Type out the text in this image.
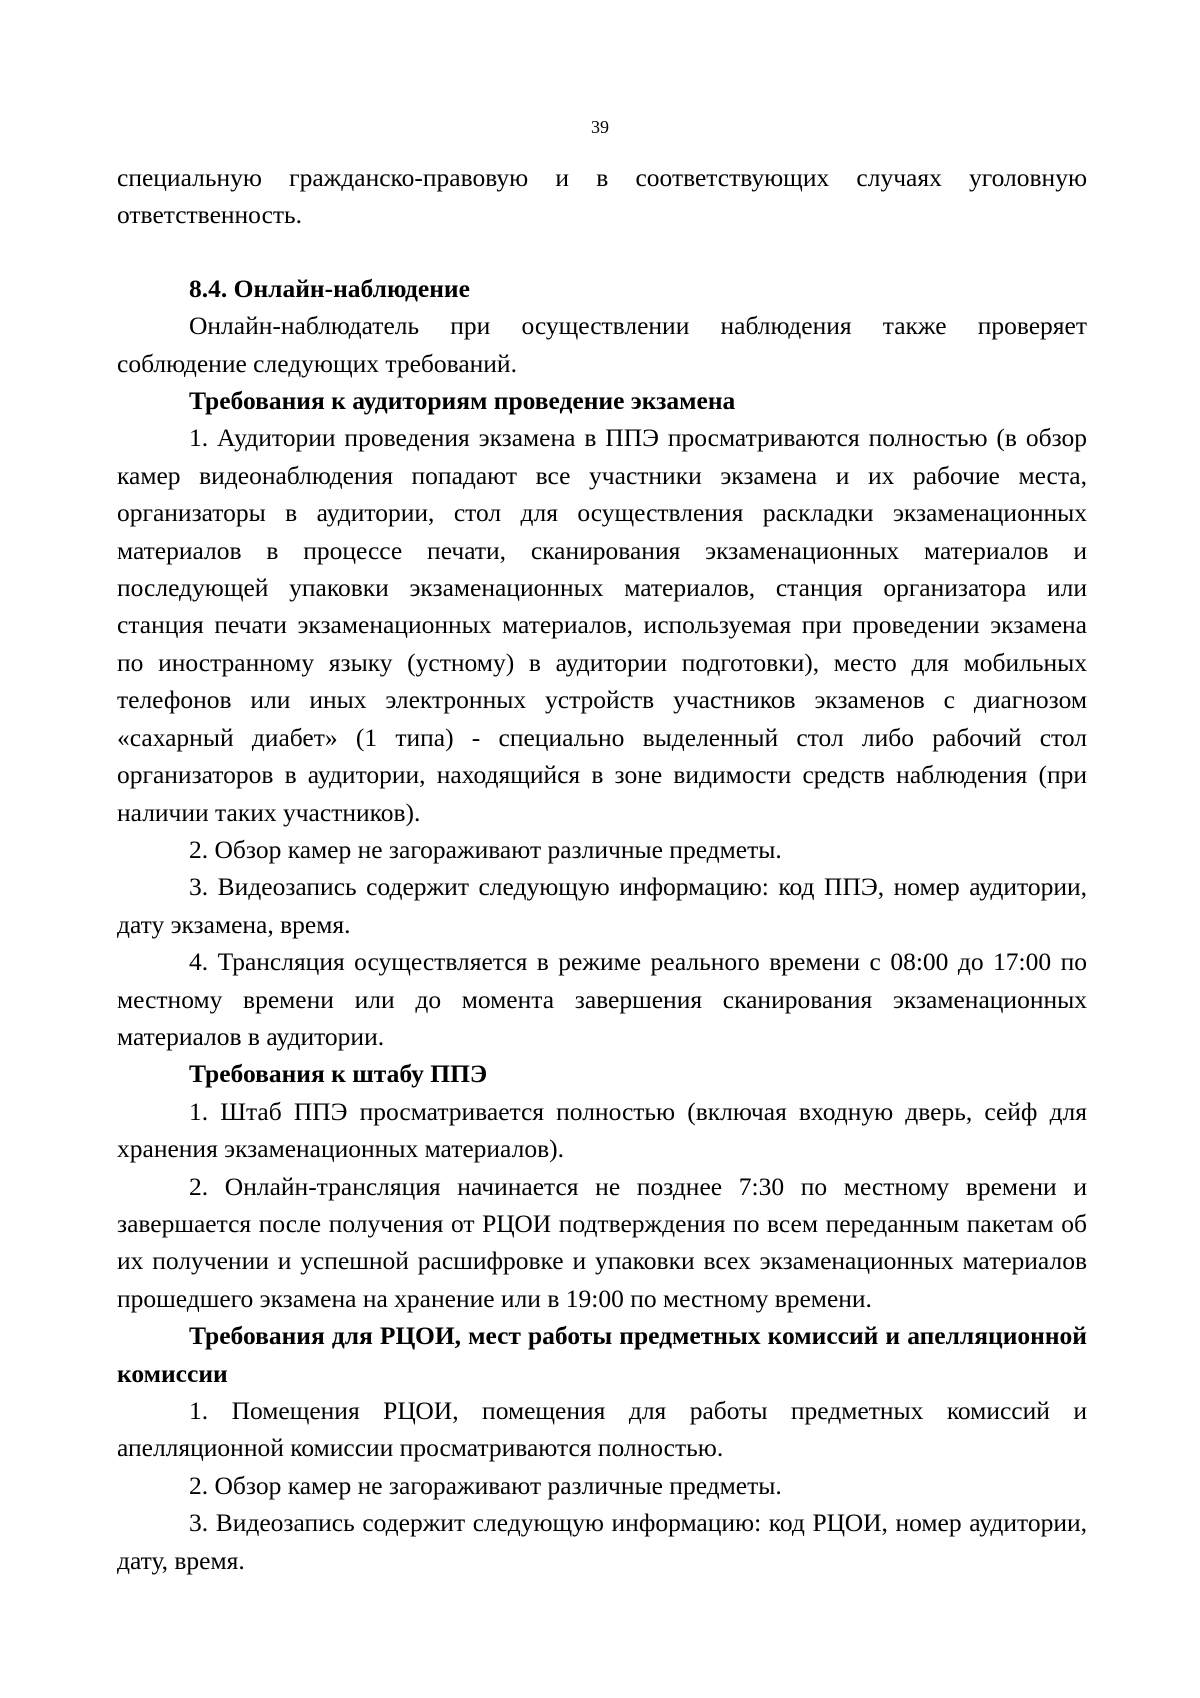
39

специальную гражданско-правовую и в соответствующих случаях уголовную ответственность.

8.4. Онлайн-наблюдение

Онлайн-наблюдатель при осуществлении наблюдения также проверяет соблюдение следующих требований.

Требования к аудиториям проведение экзамена

1. Аудитории проведения экзамена в ППЭ просматриваются полностью (в обзор камер видеонаблюдения попадают все участники экзамена и их рабочие места, организаторы в аудитории, стол для осуществления раскладки экзаменационных материалов в процессе печати, сканирования экзаменационных материалов и последующей упаковки экзаменационных материалов, станция организатора или станция печати экзаменационных материалов, используемая при проведении экзамена по иностранному языку (устному) в аудитории подготовки), место для мобильных телефонов или иных электронных устройств участников экзаменов с диагнозом «сахарный диабет» (1 типа) - специально выделенный стол либо рабочий стол организаторов в аудитории, находящийся в зоне видимости средств наблюдения (при наличии таких участников).

2. Обзор камер не загораживают различные предметы.

3. Видеозапись содержит следующую информацию: код ППЭ, номер аудитории, дату экзамена, время.

4. Трансляция осуществляется в режиме реального времени с 08:00 до 17:00 по местному времени или до момента завершения сканирования экзаменационных материалов в аудитории.

Требования к штабу ППЭ

1. Штаб ППЭ просматривается полностью (включая входную дверь, сейф для хранения экзаменационных материалов).

2. Онлайн-трансляция начинается не позднее 7:30 по местному времени и завершается после получения от РЦОИ подтверждения по всем переданным пакетам об их получении и успешной расшифровке и упаковки всех экзаменационных материалов прошедшего экзамена на хранение или в 19:00 по местному времени.

Требования для РЦОИ, мест работы предметных комиссий и апелляционной комиссии

1. Помещения РЦОИ, помещения для работы предметных комиссий и апелляционной комиссии просматриваются полностью.

2. Обзор камер не загораживают различные предметы.

3. Видеозапись содержит следующую информацию: код РЦОИ, номер аудитории, дату, время.
